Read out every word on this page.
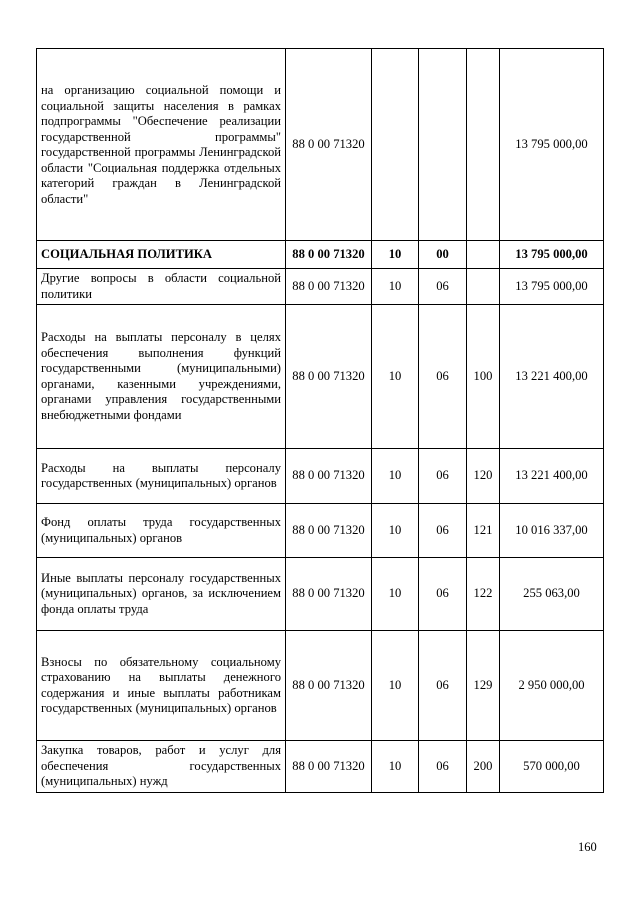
на организацию социальной помощи и социальной защиты населения в рамках подпрограммы "Обеспечение реализации государственной программы" государственной программы Ленинградской области "Социальная поддержка отдельных категорий граждан в Ленинградской области"	88 0 00 71320				13 795 000,00
СОЦИАЛЬНАЯ ПОЛИТИКА	88 0 00 71320	10	00		13 795 000,00
Другие вопросы в области социальной политики	88 0 00 71320	10	06		13 795 000,00
Расходы на выплаты персоналу в целях обеспечения выполнения функций государственными (муниципальными) органами, казенными учреждениями, органами управления государственными внебюджетными фондами	88 0 00 71320	10	06	100	13 221 400,00
Расходы на выплаты персоналу государственных (муниципальных) органов	88 0 00 71320	10	06	120	13 221 400,00
Фонд оплаты труда государственных (муниципальных) органов	88 0 00 71320	10	06	121	10 016 337,00
Иные выплаты персоналу государственных (муниципальных) органов, за исключением фонда оплаты труда	88 0 00 71320	10	06	122	255 063,00
Взносы по обязательному социальному страхованию на выплаты денежного содержания и иные выплаты работникам государственных (муниципальных) органов	88 0 00 71320	10	06	129	2 950 000,00
Закупка товаров, работ и услуг для обеспечения государственных (муниципальных) нужд	88 0 00 71320	10	06	200	570 000,00
160
